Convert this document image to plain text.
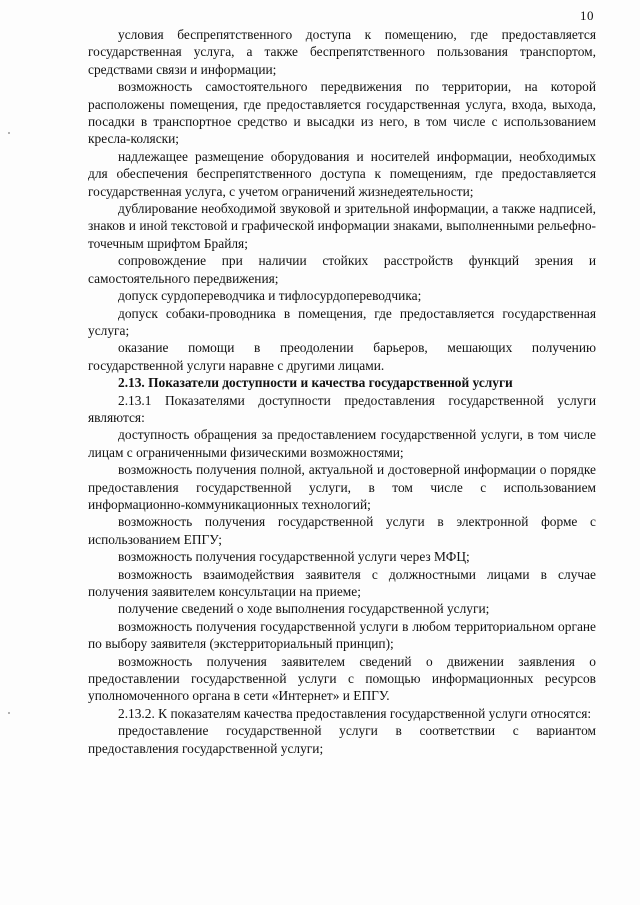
10

условия беспрепятственного доступа к помещению, где предоставляется государственная услуга, а также беспрепятственного пользования транспортом, средствами связи и информации;

возможность самостоятельного передвижения по территории, на которой расположены помещения, где предоставляется государственная услуга, входа, выхода, посадки в транспортное средство и высадки из него, в том числе с использованием кресла-коляски;

надлежащее размещение оборудования и носителей информации, необходимых для обеспечения беспрепятственного доступа к помещениям, где предоставляется государственная услуга, с учетом ограничений жизнедеятельности;

дублирование необходимой звуковой и зрительной информации, а также надписей, знаков и иной текстовой и графической информации знаками, выполненными рельефно-точечным шрифтом Брайля;

сопровождение при наличии стойких расстройств функций зрения и самостоятельного передвижения;

допуск сурдопереводчика и тифлосурдопереводчика;

допуск собаки-проводника в помещения, где предоставляется государственная услуга;

оказание помощи в преодолении барьеров, мешающих получению государственной услуги наравне с другими лицами.

2.13. Показатели доступности и качества государственной услуги

2.13.1 Показателями доступности предоставления государственной услуги являются:

доступность обращения за предоставлением государственной услуги, в том числе лицам с ограниченными физическими возможностями;

возможность получения полной, актуальной и достоверной информации о порядке предоставления государственной услуги, в том числе с использованием информационно-коммуникационных технологий;

возможность получения государственной услуги в электронной форме с использованием ЕПГУ;

возможность получения государственной услуги через МФЦ;

возможность взаимодействия заявителя с должностными лицами в случае получения заявителем консультации на приеме;

получение сведений о ходе выполнения государственной услуги;

возможность получения государственной услуги в любом территориальном органе по выбору заявителя (экстерриториальный принцип);

возможность получения заявителем сведений о движении заявления о предоставлении государственной услуги с помощью информационных ресурсов уполномоченного органа в сети «Интернет» и ЕПГУ.

2.13.2. К показателям качества предоставления государственной услуги относятся:

предоставление государственной услуги в соответствии с вариантом предоставления государственной услуги;
